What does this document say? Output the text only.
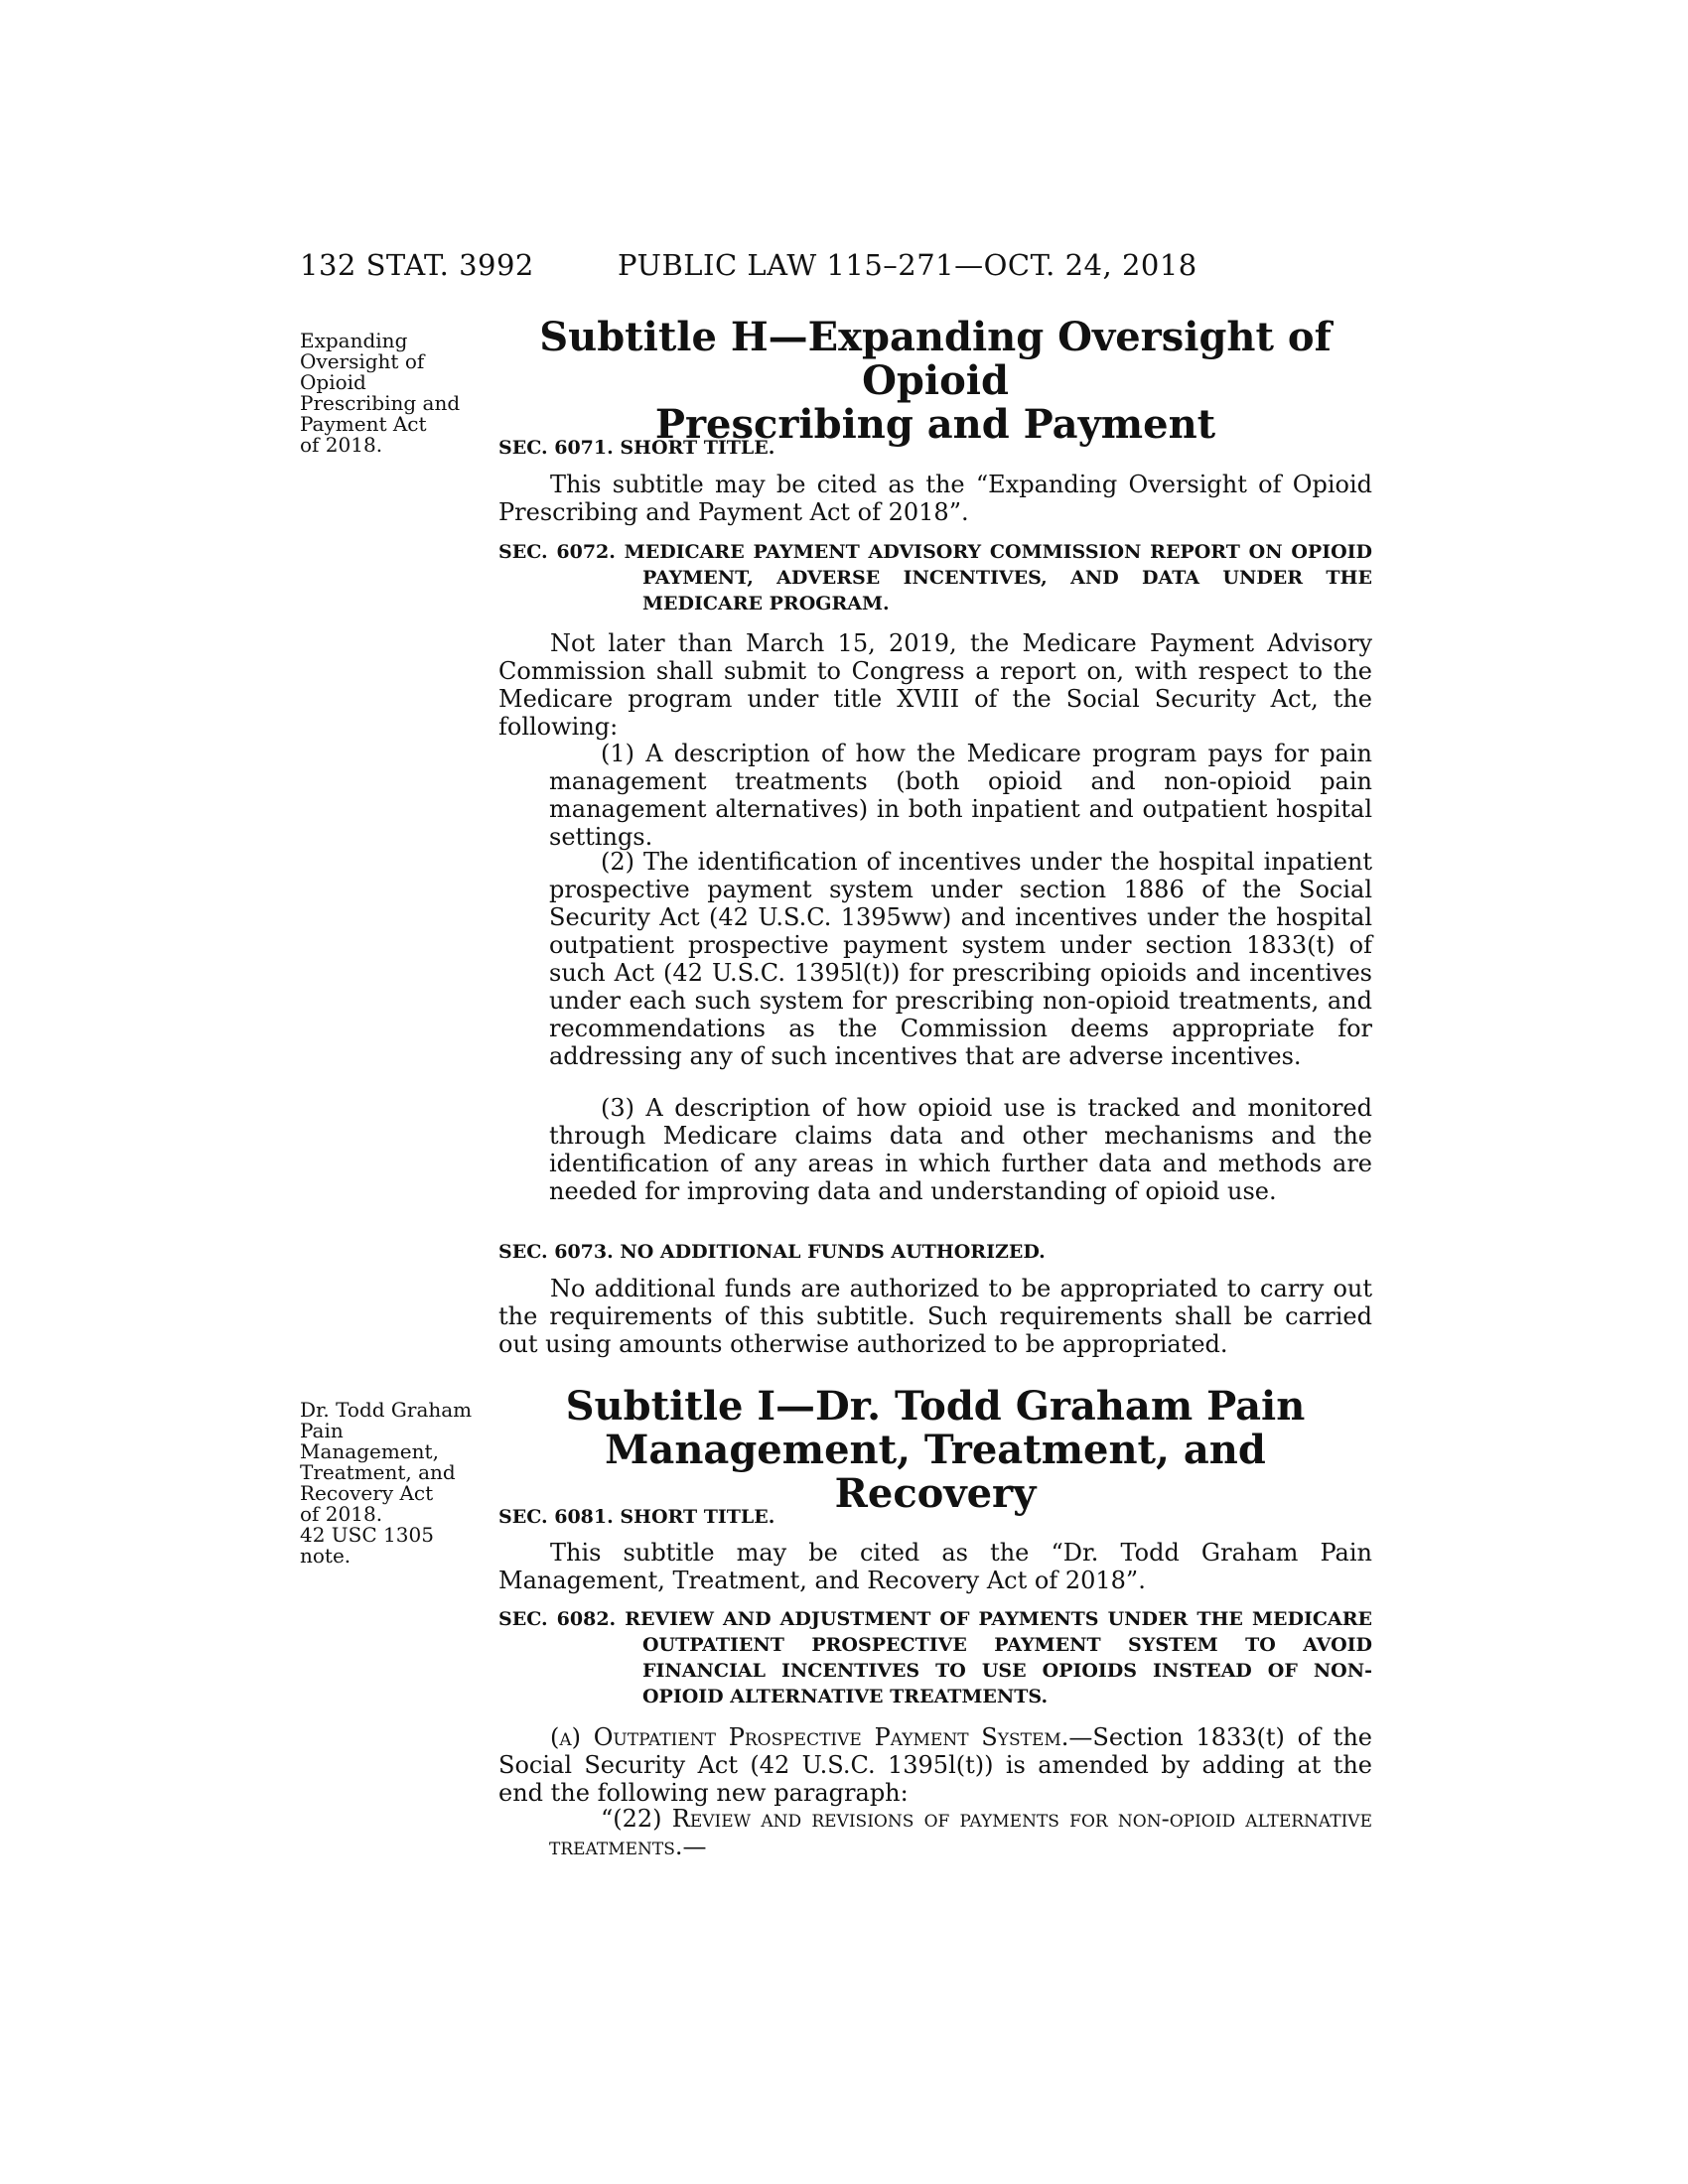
132 STAT. 3992	PUBLIC LAW 115–271—OCT. 24, 2018
Expanding
Oversight of
Opioid
Prescribing and
Payment Act
of 2018.
Subtitle H—Expanding Oversight of Opioid
Prescribing and Payment
SEC. 6071. SHORT TITLE.

This subtitle may be cited as the “Expanding Oversight of Opioid Prescribing and Payment Act of 2018”.

SEC. 6072. MEDICARE PAYMENT ADVISORY COMMISSION REPORT ON OPIOID PAYMENT, ADVERSE INCENTIVES, AND DATA UNDER THE MEDICARE PROGRAM.

Not later than March 15, 2019, the Medicare Payment Advisory Commission shall submit to Congress a report on, with respect to the Medicare program under title XVIII of the Social Security Act, the following:

(1) A description of how the Medicare program pays for pain management treatments (both opioid and non-opioid pain management alternatives) in both inpatient and outpatient hospital settings.

(2) The identification of incentives under the hospital inpatient prospective payment system under section 1886 of the Social Security Act (42 U.S.C. 1395ww) and incentives under the hospital outpatient prospective payment system under section 1833(t) of such Act (42 U.S.C. 1395l(t)) for prescribing opioids and incentives under each such system for prescribing non-opioid treatments, and recommendations as the Commission deems appropriate for addressing any of such incentives that are adverse incentives.

(3) A description of how opioid use is tracked and monitored through Medicare claims data and other mechanisms and the identification of any areas in which further data and methods are needed for improving data and understanding of opioid use.

SEC. 6073. NO ADDITIONAL FUNDS AUTHORIZED.

No additional funds are authorized to be appropriated to carry out the requirements of this subtitle. Such requirements shall be carried out using amounts otherwise authorized to be appropriated.

Dr. Todd Graham
Pain
Management,
Treatment, and
Recovery Act
of 2018.
42 USC 1305
note.
Subtitle I—Dr. Todd Graham Pain
Management, Treatment, and Recovery
SEC. 6081. SHORT TITLE.

This subtitle may be cited as the “Dr. Todd Graham Pain Management, Treatment, and Recovery Act of 2018”.

SEC. 6082. REVIEW AND ADJUSTMENT OF PAYMENTS UNDER THE MEDICARE OUTPATIENT PROSPECTIVE PAYMENT SYSTEM TO AVOID FINANCIAL INCENTIVES TO USE OPIOIDS INSTEAD OF NON-OPIOID ALTERNATIVE TREATMENTS.

(a) Outpatient Prospective Payment System.—Section 1833(t) of the Social Security Act (42 U.S.C. 1395l(t)) is amended by adding at the end the following new paragraph:

“(22) Review and revisions of payments for non-opioid alternative treatments.—
